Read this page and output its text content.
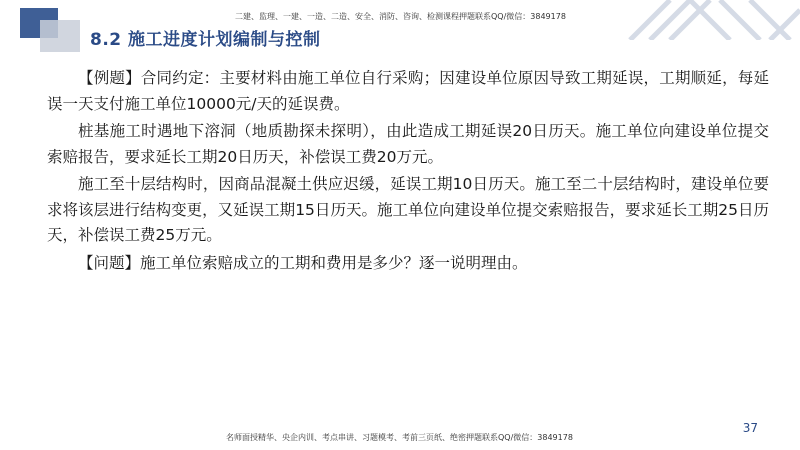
二建、监理、一建、一造、二造、安全、消防、咨询、检测课程押题联系QQ/微信：3849178
8.2 施工进度计划编制与控制

【例题】合同约定：主要材料由施工单位自行采购；因建设单位原因导致工期延误，工期顺延，每延误一天支付施工单位10000元/天的延误费。

桩基施工时遇地下溶洞（地质勘探未探明），由此造成工期延误20日历天。施工单位向建设单位提交索赔报告，要求延长工期20日历天，补偿误工费20万元。

施工至十层结构时，因商品混凝土供应迟缓，延误工期10日历天。施工至二十层结构时，建设单位要求将该层进行结构变更，又延误工期15日历天。施工单位向建设单位提交索赔报告，要求延长工期25日历天，补偿误工费25万元。

【问题】施工单位索赔成立的工期和费用是多少？逐一说明理由。

37
名师面授精华、央企内训、考点串讲、习题模考、考前三页纸、绝密押题联系QQ/微信：3849178
